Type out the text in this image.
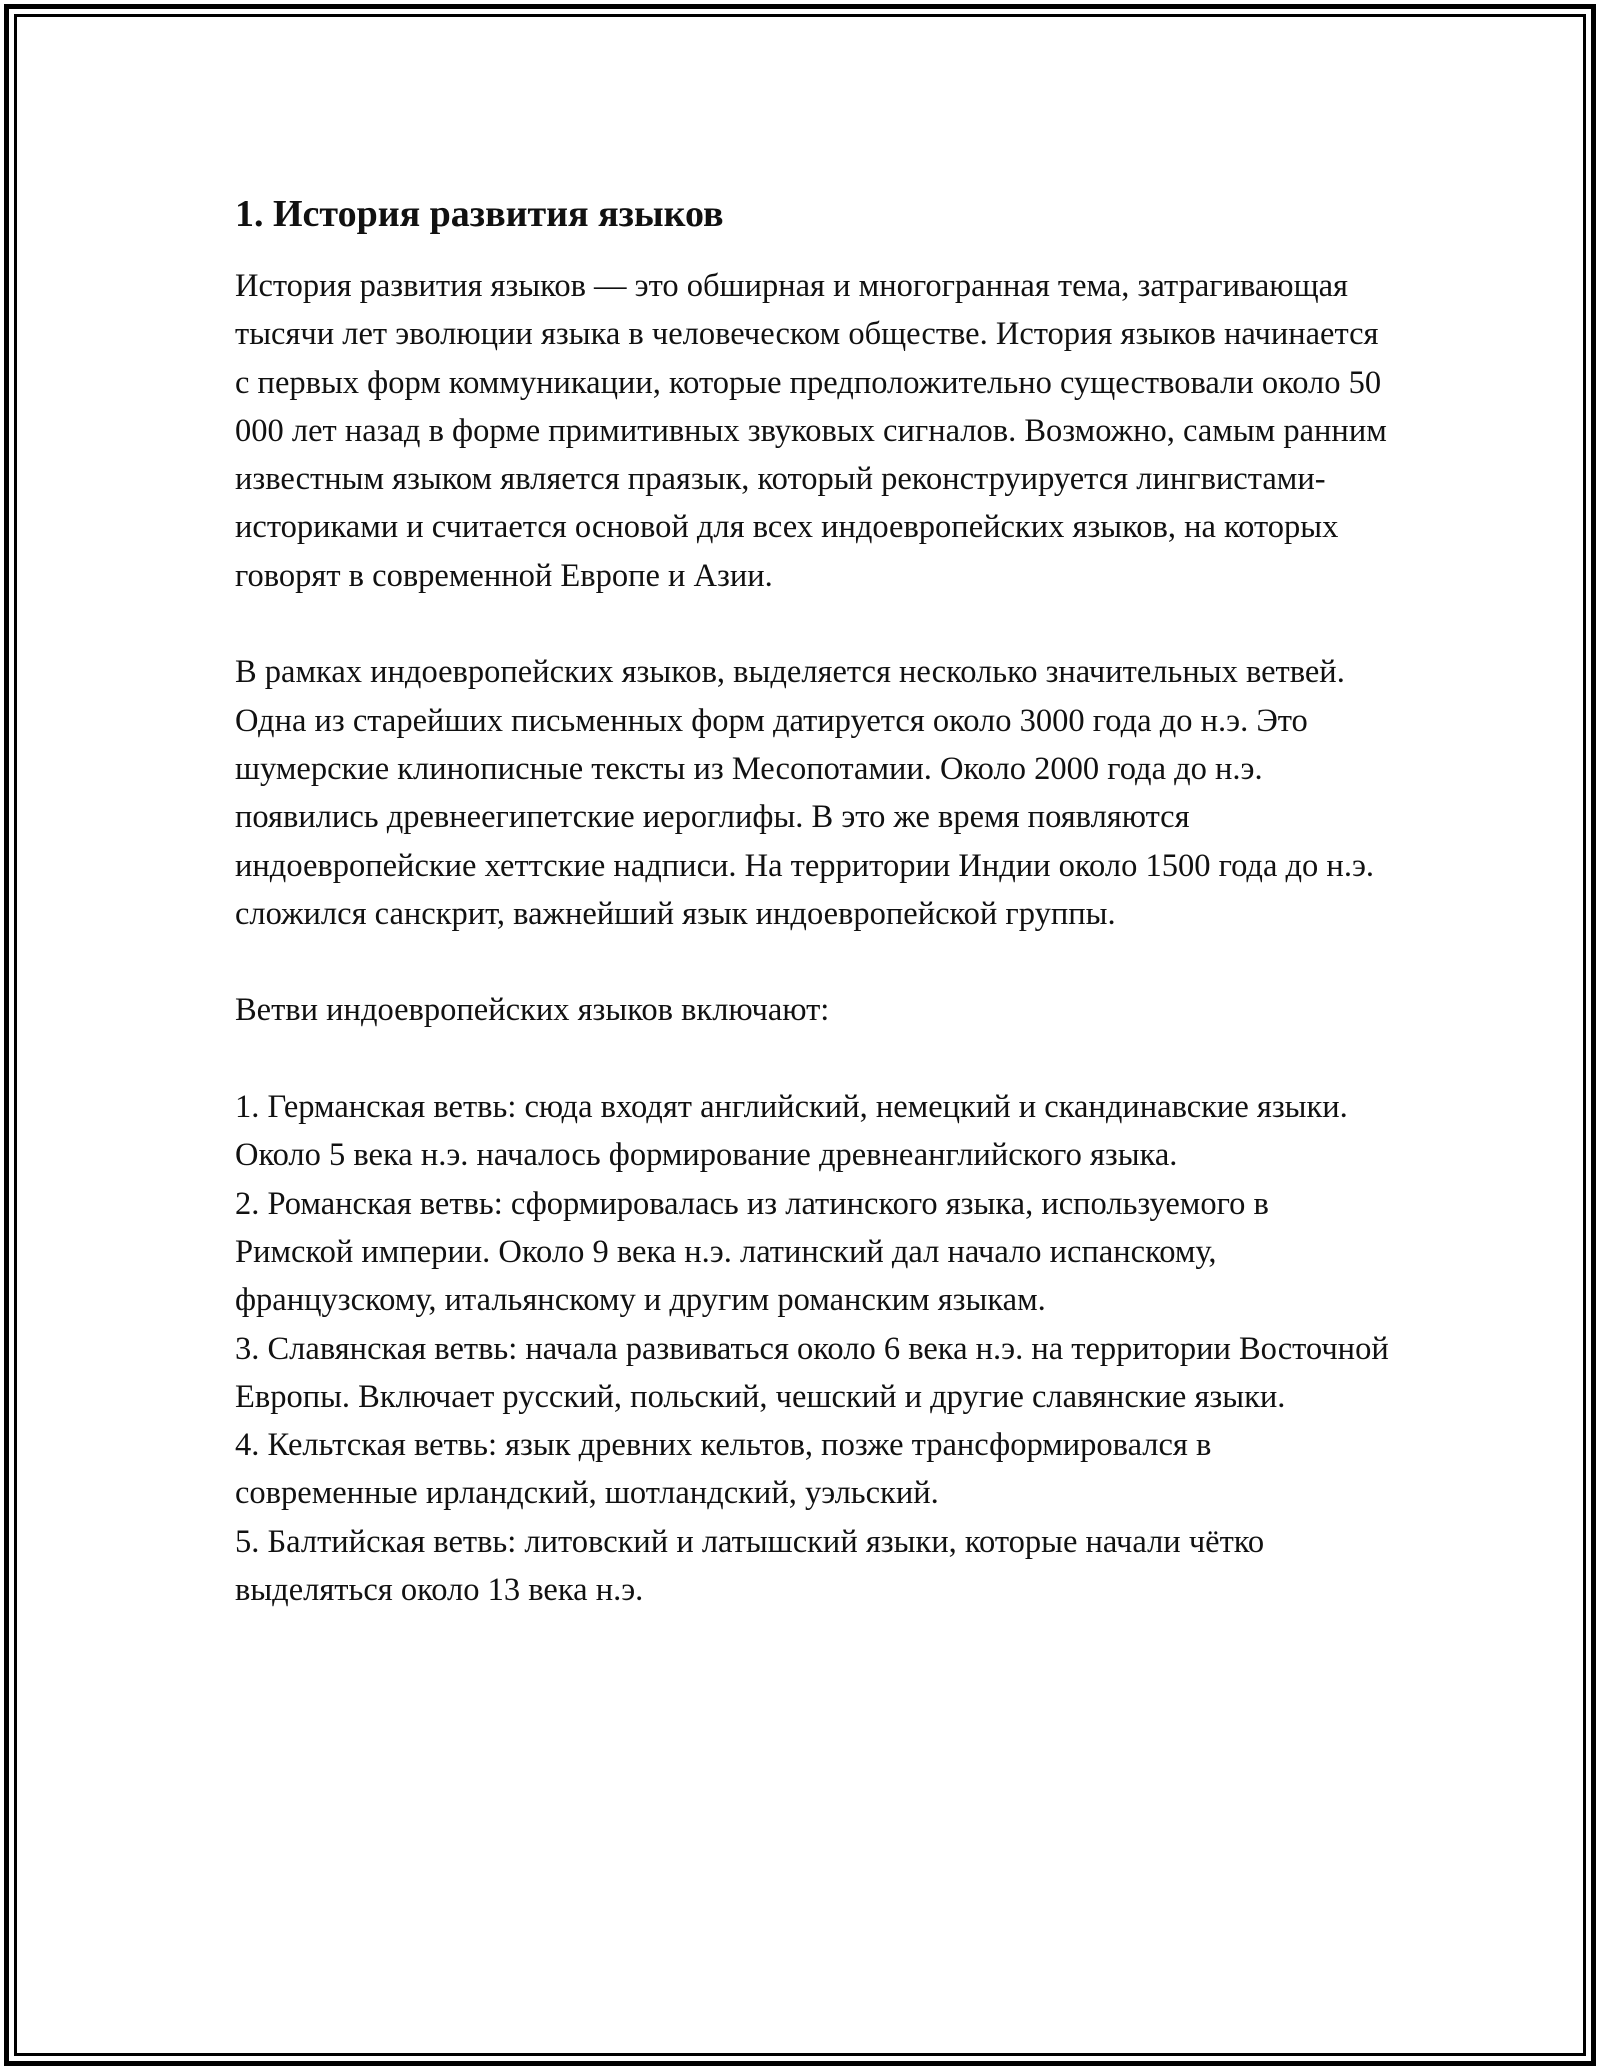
1. История развития языков

История развития языков — это обширная и многогранная тема, затрагивающая тысячи лет эволюции языка в человеческом обществе. История языков начинается с первых форм коммуникации, которые предположительно существовали около 50 000 лет назад в форме примитивных звуковых сигналов. Возможно, самым ранним известным языком является праязык, который реконструируется лингвистами-историками и считается основой для всех индоевропейских языков, на которых говорят в современной Европе и Азии.

В рамках индоевропейских языков, выделяется несколько значительных ветвей. Одна из старейших письменных форм датируется около 3000 года до н.э. Это шумерские клинописные тексты из Месопотамии. Около 2000 года до н.э. появились древнеегипетские иероглифы. В это же время появляются индоевропейские хеттские надписи. На территории Индии около 1500 года до н.э. сложился санскрит, важнейший язык индоевропейской группы.

Ветви индоевропейских языков включают:

1. Германская ветвь: сюда входят английский, немецкий и скандинавские языки. Около 5 века н.э. началось формирование древнеанглийского языка.

2. Романская ветвь: сформировалась из латинского языка, используемого в Римской империи. Около 9 века н.э. латинский дал начало испанскому, французскому, итальянскому и другим романским языкам.

3. Славянская ветвь: начала развиваться около 6 века н.э. на территории Восточной Европы. Включает русский, польский, чешский и другие славянские языки.

4. Кельтская ветвь: язык древних кельтов, позже трансформировался в современные ирландский, шотландский, уэльский.

5. Балтийская ветвь: литовский и латышский языки, которые начали чётко выделяться около 13 века н.э.
